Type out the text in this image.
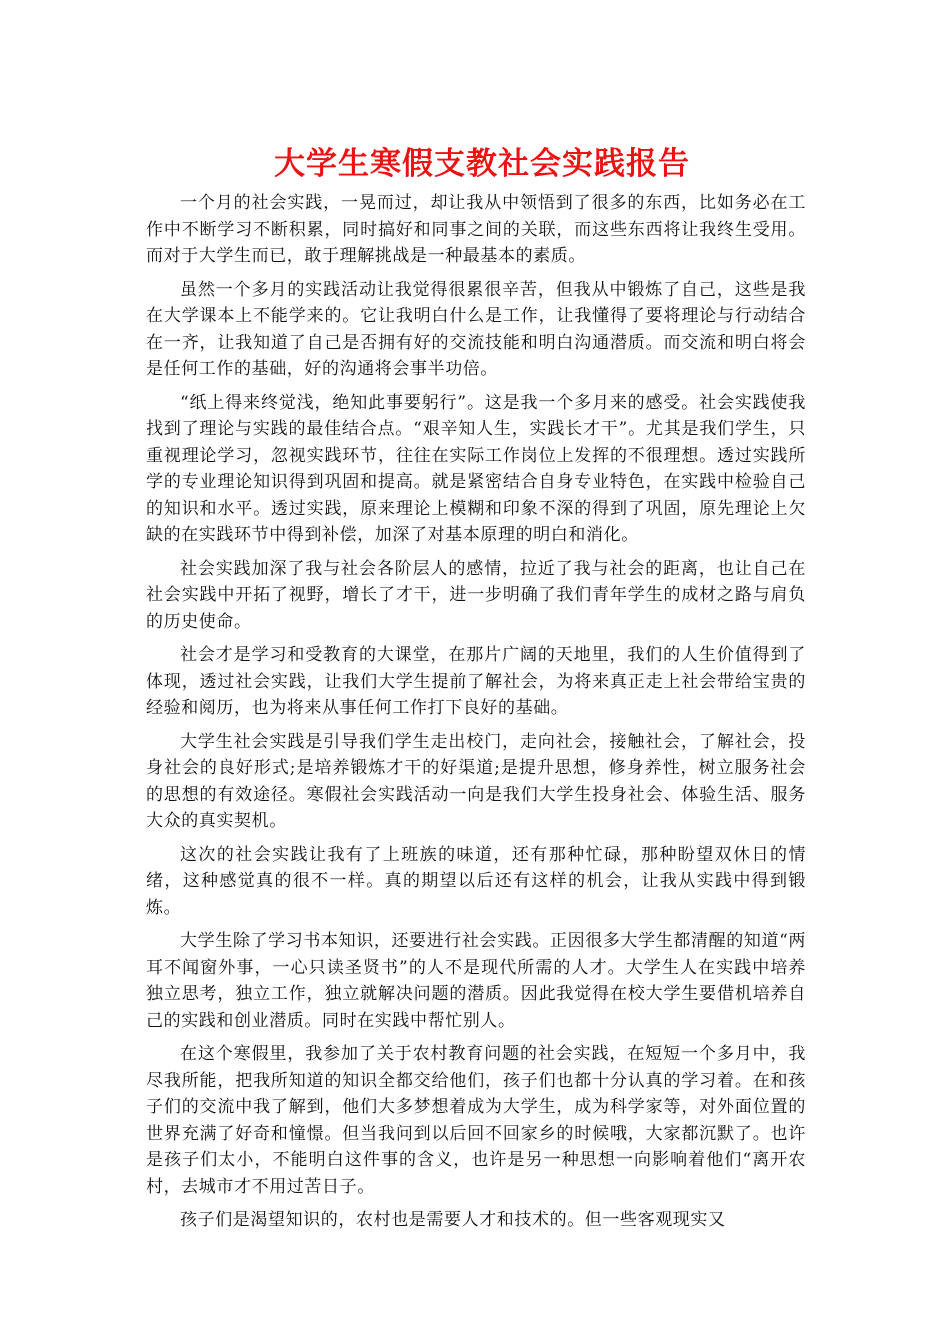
大学生寒假支教社会实践报告

一个月的社会实践，一晃而过，却让我从中领悟到了很多的东西，比如务必在工作中不断学习不断积累，同时搞好和同事之间的关联，而这些东西将让我终生受用。而对于大学生而已，敢于理解挑战是一种最基本的素质。

虽然一个多月的实践活动让我觉得很累很辛苦，但我从中锻炼了自己，这些是我在大学课本上不能学来的。它让我明白什么是工作，让我懂得了要将理论与行动结合在一齐，让我知道了自己是否拥有好的交流技能和明白沟通潜质。而交流和明白将会是任何工作的基础，好的沟通将会事半功倍。

“纸上得来终觉浅，绝知此事要躬行”。这是我一个多月来的感受。社会实践使我找到了理论与实践的最佳结合点。“艰辛知人生，实践长才干”。尤其是我们学生，只重视理论学习，忽视实践环节，往往在实际工作岗位上发挥的不很理想。透过实践所学的专业理论知识得到巩固和提高。就是紧密结合自身专业特色，在实践中检验自己的知识和水平。透过实践，原来理论上模糊和印象不深的得到了巩固，原先理论上欠缺的在实践环节中得到补偿，加深了对基本原理的明白和消化。

社会实践加深了我与社会各阶层人的感情，拉近了我与社会的距离，也让自己在社会实践中开拓了视野，增长了才干，进一步明确了我们青年学生的成材之路与肩负的历史使命。

社会才是学习和受教育的大课堂，在那片广阔的天地里，我们的人生价值得到了体现，透过社会实践，让我们大学生提前了解社会，为将来真正走上社会带给宝贵的经验和阅历，也为将来从事任何工作打下良好的基础。

大学生社会实践是引导我们学生走出校门，走向社会，接触社会，了解社会，投身社会的良好形式;是培养锻炼才干的好渠道;是提升思想，修身养性，树立服务社会的思想的有效途径。寒假社会实践活动一向是我们大学生投身社会、体验生活、服务大众的真实契机。

这次的社会实践让我有了上班族的味道，还有那种忙碌，那种盼望双休日的情绪，这种感觉真的很不一样。真的期望以后还有这样的机会，让我从实践中得到锻炼。

大学生除了学习书本知识，还要进行社会实践。正因很多大学生都清醒的知道“两耳不闻窗外事，一心只读圣贤书”的人不是现代所需的人才。大学生人在实践中培养独立思考，独立工作，独立就解决问题的潜质。因此我觉得在校大学生要借机培养自己的实践和创业潜质。同时在实践中帮忙别人。

在这个寒假里，我参加了关于农村教育问题的社会实践，在短短一个多月中，我尽我所能，把我所知道的知识全都交给他们，孩子们也都十分认真的学习着。在和孩子们的交流中我了解到，他们大多梦想着成为大学生，成为科学家等，对外面位置的世界充满了好奇和憧憬。但当我问到以后回不回家乡的时候哦，大家都沉默了。也许是孩子们太小，不能明白这件事的含义，也许是另一种思想一向影响着他们“离开农村，去城市才不用过苦日子。

孩子们是渴望知识的，农村也是需要人才和技术的。但一些客观现实又
